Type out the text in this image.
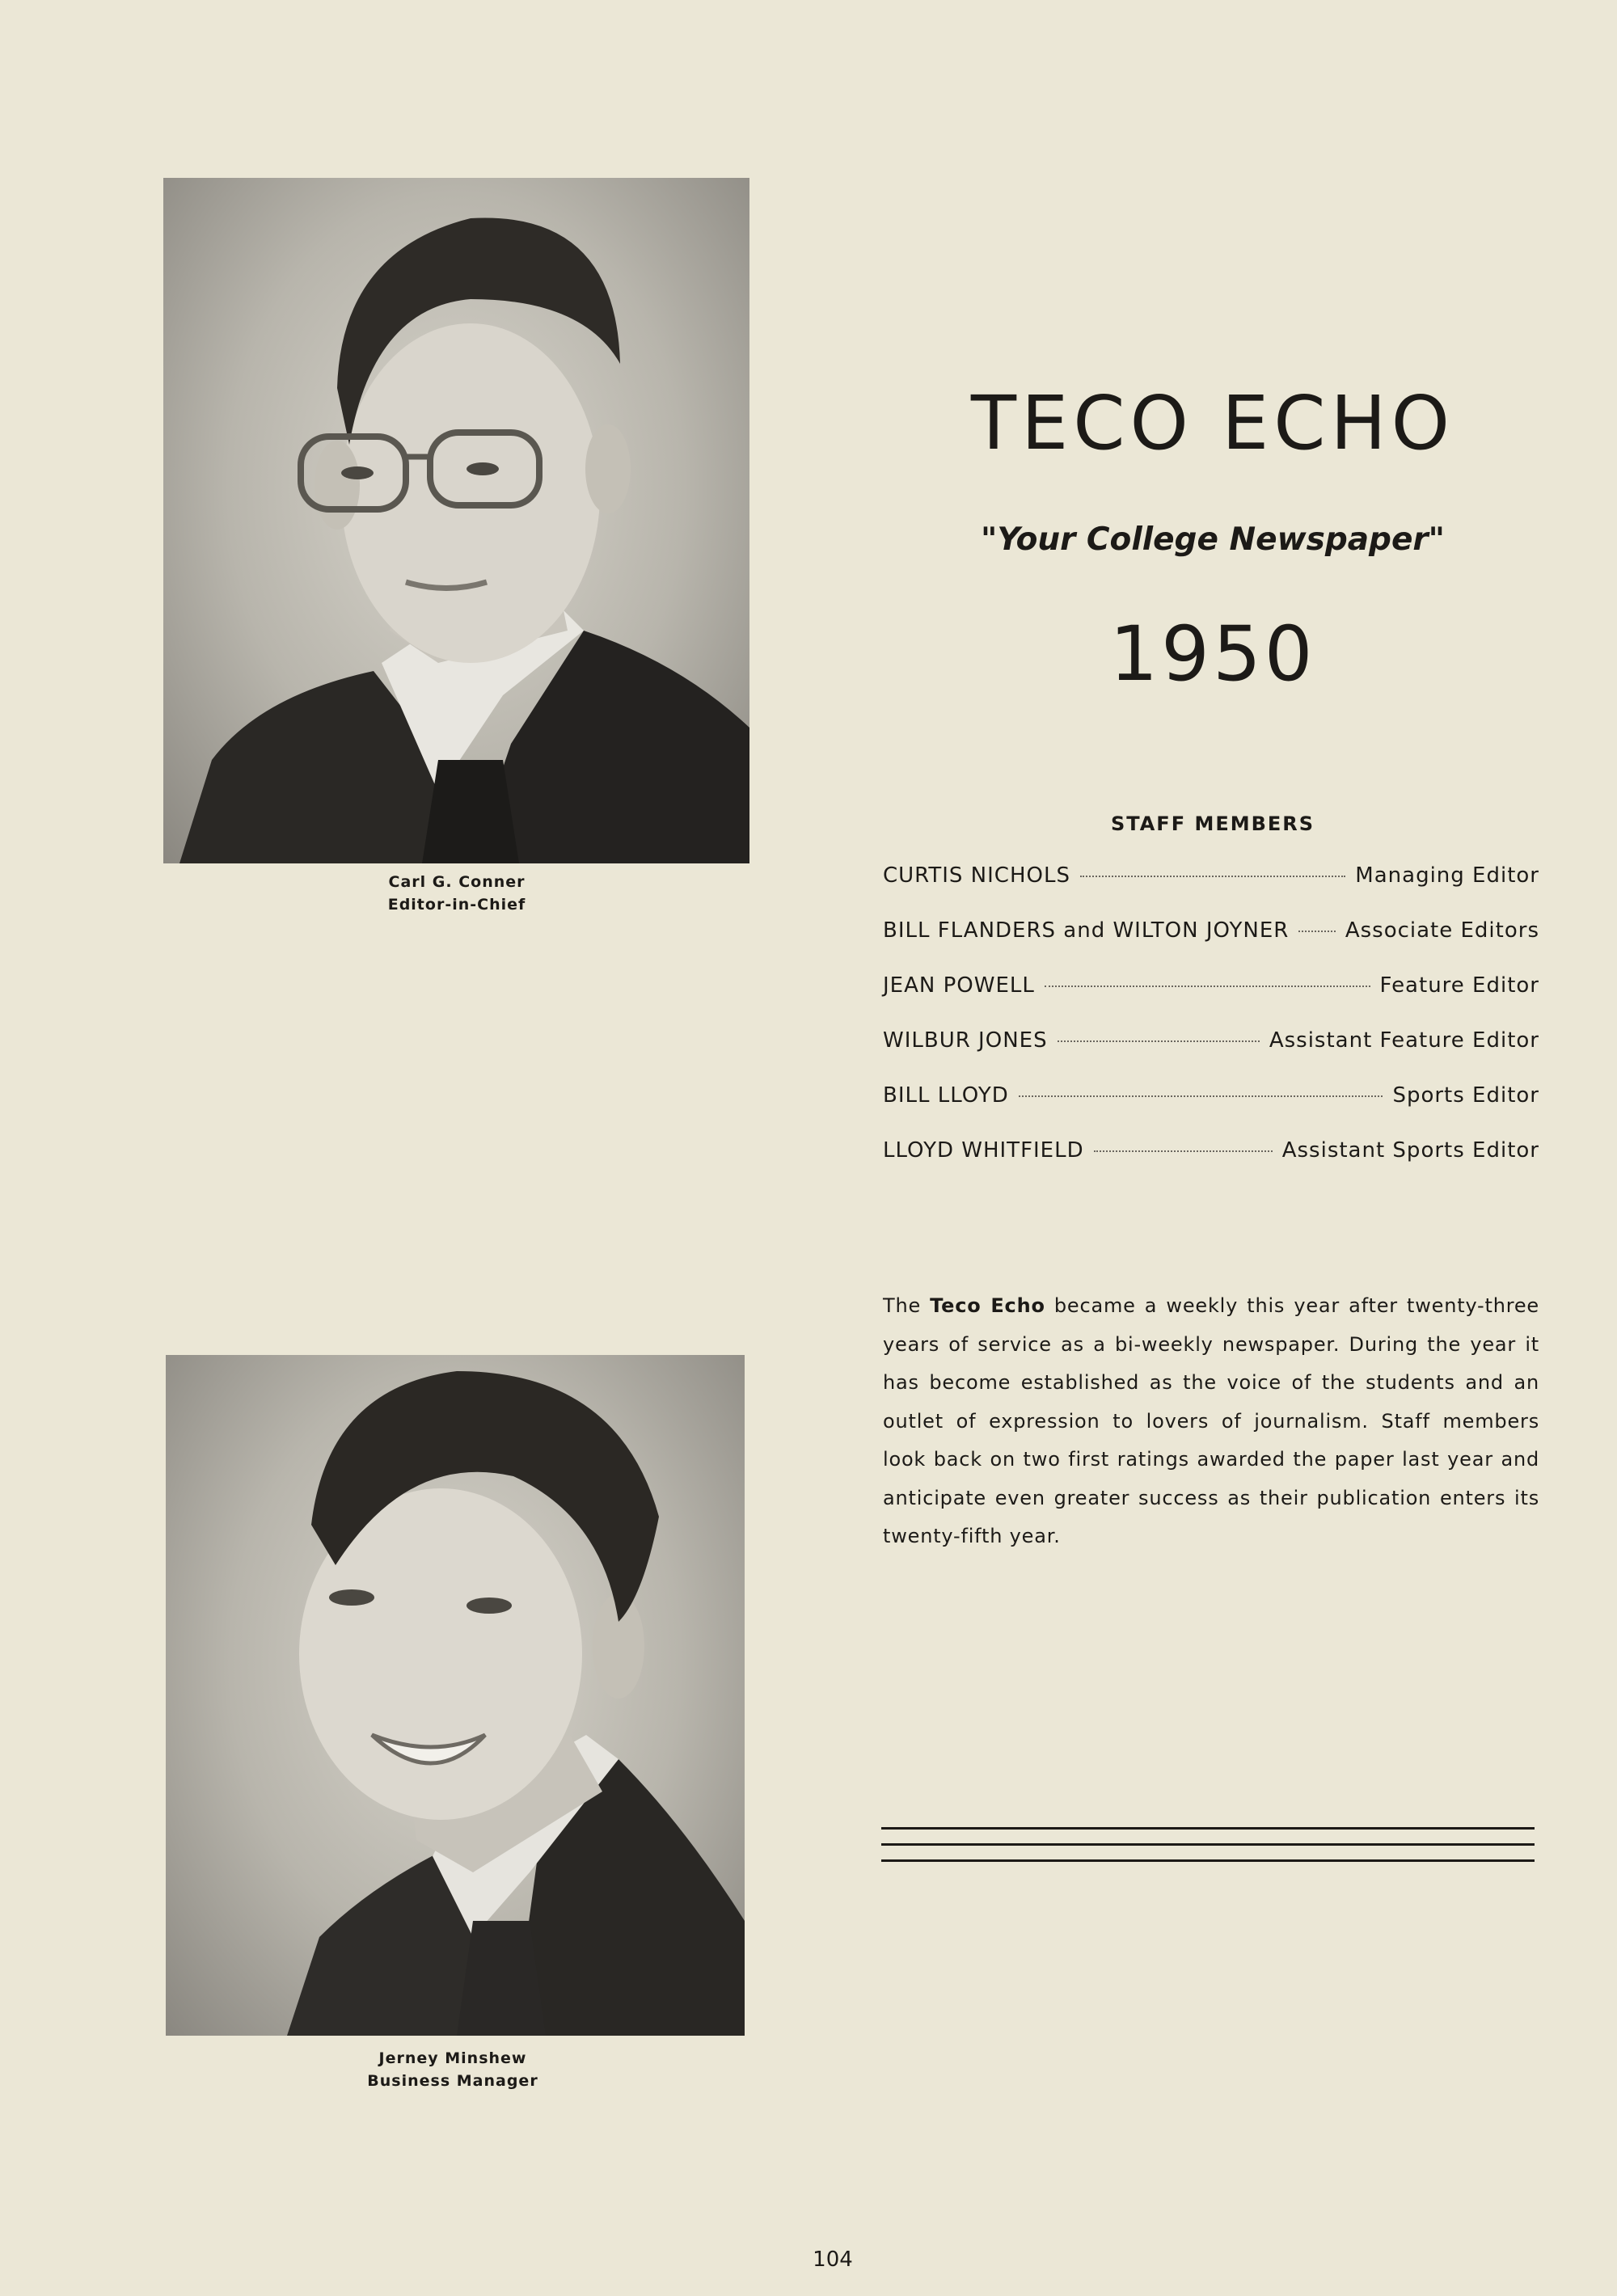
Carl G. Conner
Editor-in-Chief
Jerney Minshew
Business Manager
TECO ECHO
"Your College Newspaper"
1950
STAFF MEMBERS
CURTIS NICHOLS	Managing Editor
BILL FLANDERS and WILTON JOYNER	Associate Editors
JEAN POWELL	Feature Editor
WILBUR JONES	Assistant Feature Editor
BILL LLOYD	Sports Editor
LLOYD WHITFIELD	Assistant Sports Editor
The Teco Echo became a weekly this year after twenty-three years of service as a bi-weekly newspaper. During the year it has become established as the voice of the students and an outlet of expression to lovers of journalism. Staff members look back on two first ratings awarded the paper last year and anticipate even greater success as their publication enters its twenty-fifth year.
104
